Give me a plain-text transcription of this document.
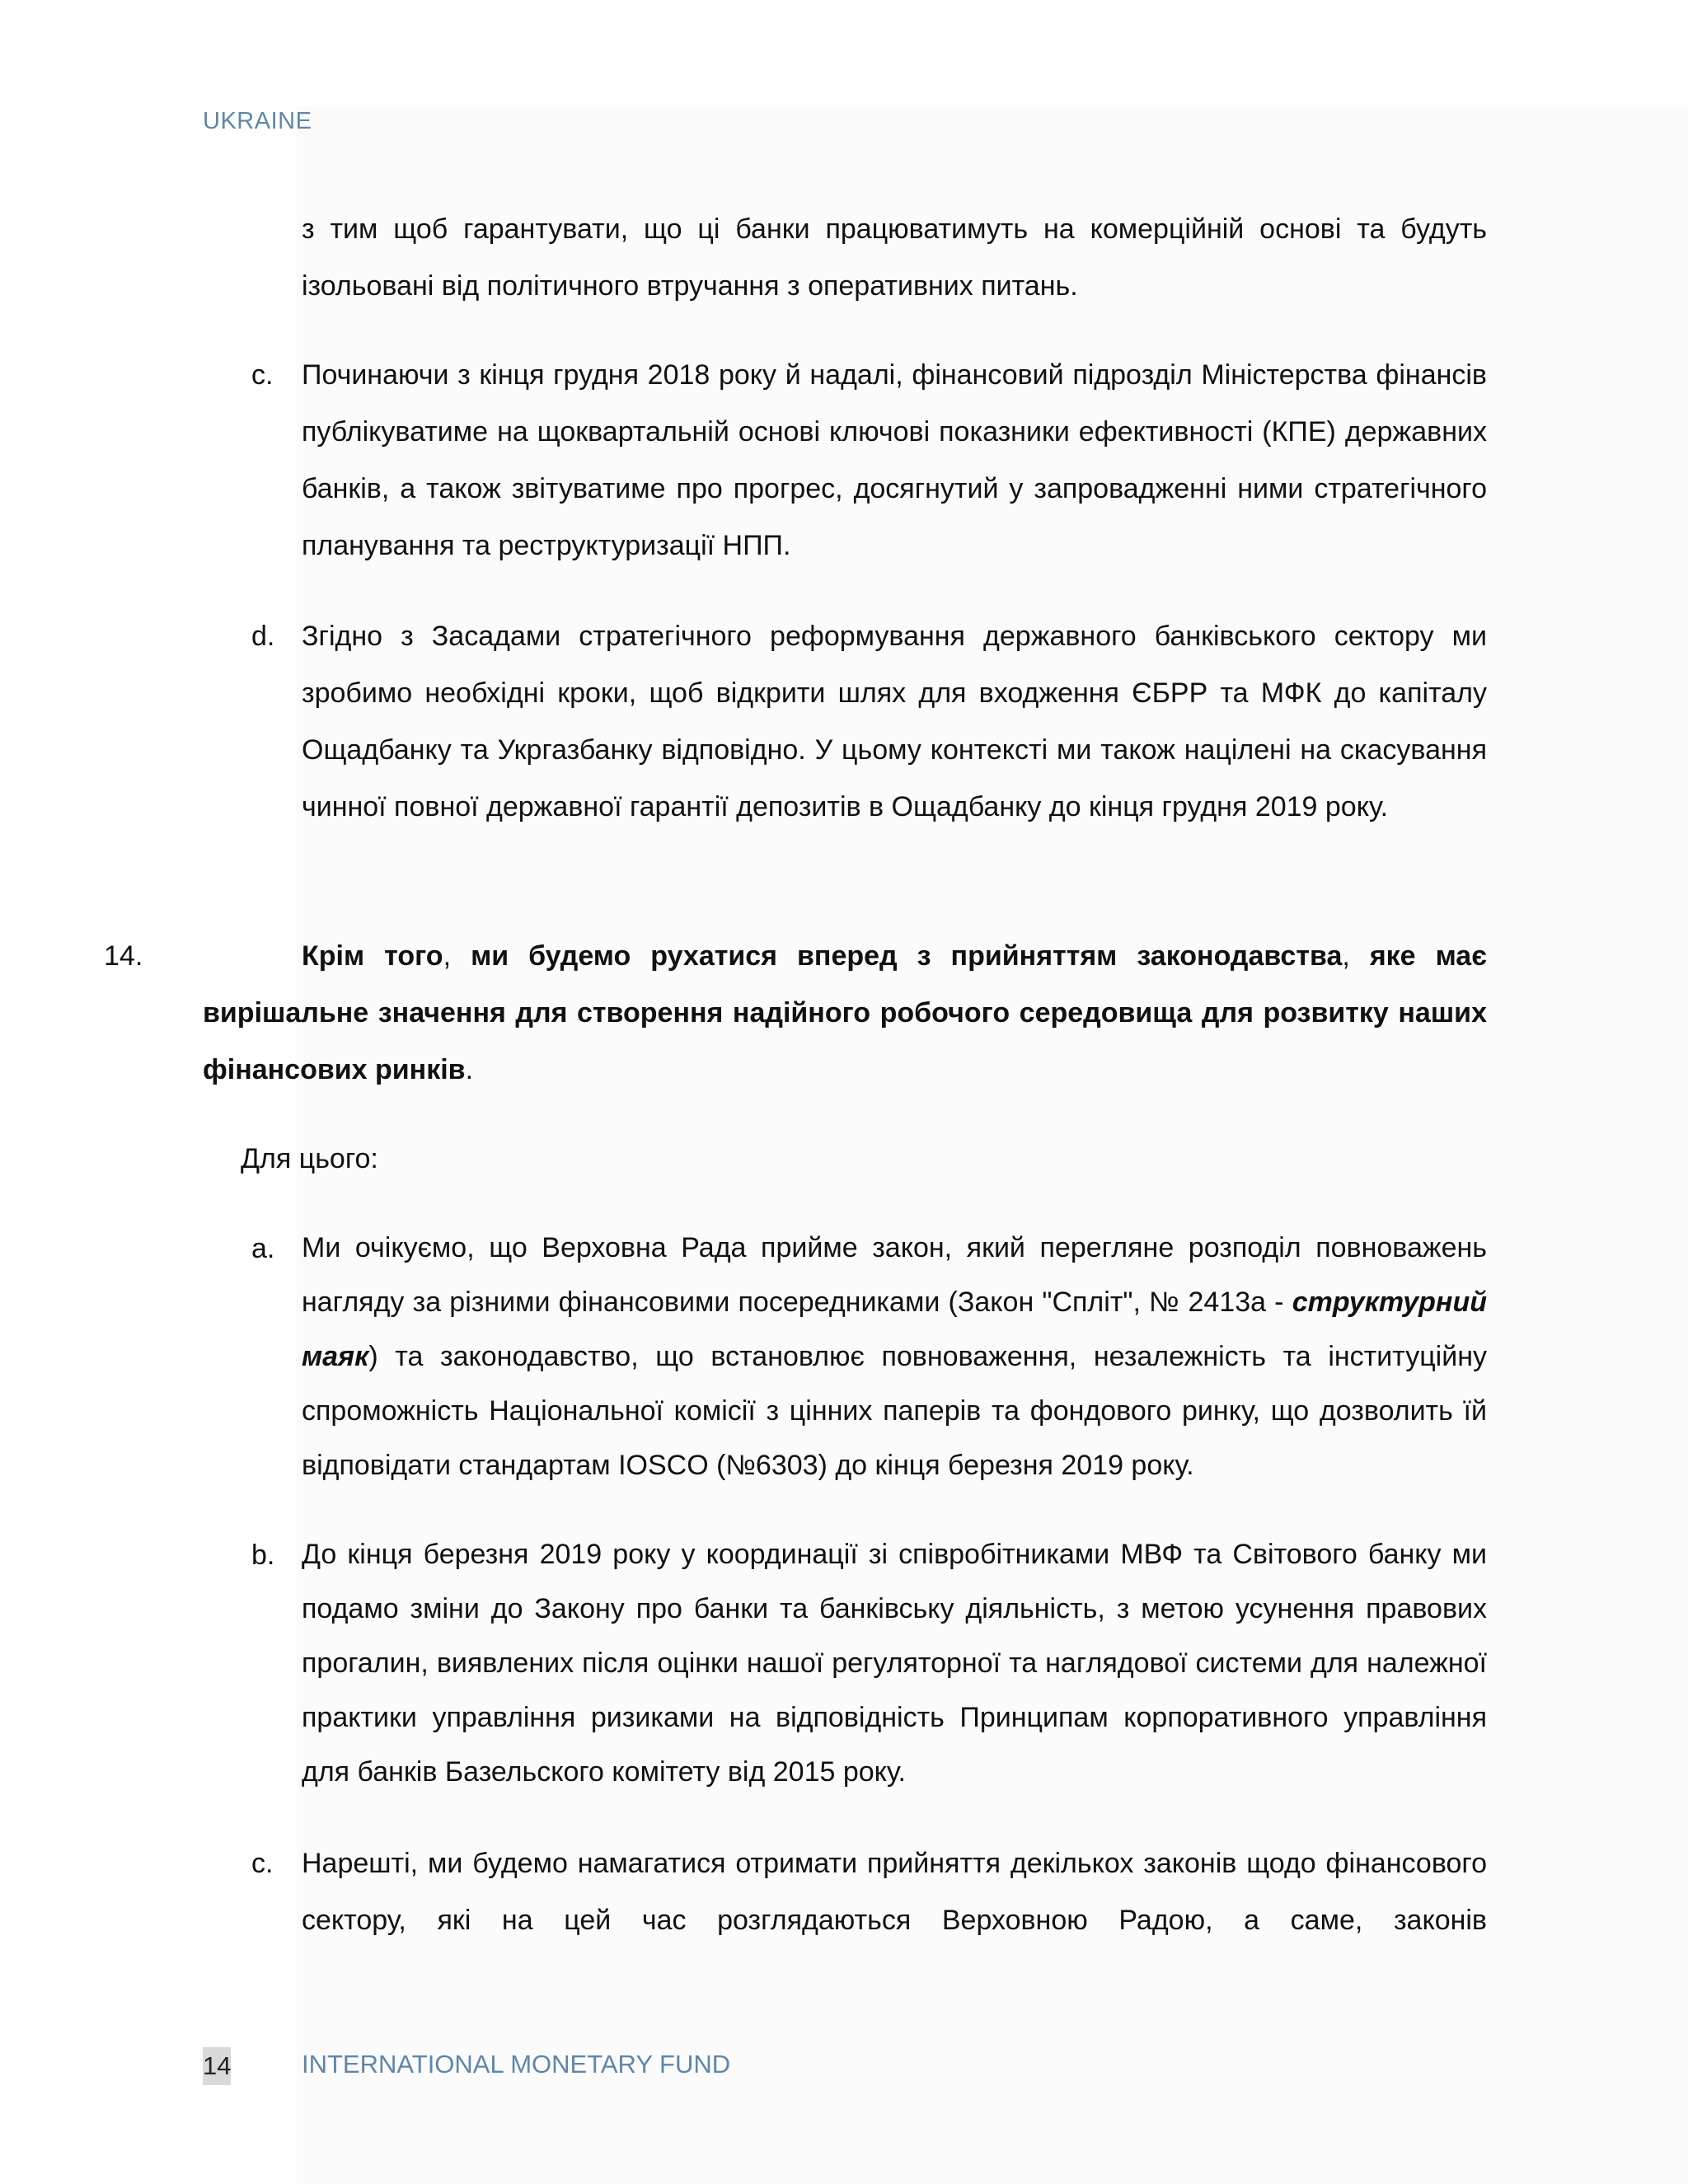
UKRAINE
з тим щоб гарантувати, що ці банки працюватимуть на комерційній основі та будуть ізольовані від політичного втручання з оперативних питань.
c. Починаючи з кінця грудня 2018 року й надалі, фінансовий підрозділ Міністерства фінансів публікуватиме на щоквартальній основі ключові показники ефективності (КПЕ) державних банків, а також звітуватиме про прогрес, досягнутий у запровадженні ними стратегічного планування та реструктуризації НПП.
d. Згідно з Засадами стратегічного реформування державного банківського сектору ми зробимо необхідні кроки, щоб відкрити шлях для входження ЄБРР та МФК до капіталу Ощадбанку та Укргазбанку відповідно. У цьому контексті ми також націлені на скасування чинної повної державної гарантії депозитів в Ощадбанку до кінця грудня 2019 року.
14.	Крім того, ми будемо рухатися вперед з прийняттям законодавства, яке має вирішальне значення для створення надійного робочого середовища для розвитку наших фінансових ринків.
Для цього:
a. Ми очікуємо, що Верховна Рада прийме закон, який перегляне розподіл повноважень нагляду за різними фінансовими посередниками (Закон "Спліт", № 2413а - структурний маяк) та законодавство, що встановлює повноваження, незалежність та інституційну спроможність Національної комісії з цінних паперів та фондового ринку, що дозволить їй відповідати стандартам IOSCO (№6303) до кінця березня 2019 року.
b. До кінця березня 2019 року у координації зі співробітниками МВФ та Світового банку ми подамо зміни до Закону про банки та банківську діяльність, з метою усунення правових прогалин, виявлених після оцінки нашої регуляторної та наглядової системи для належної практики управління ризиками на відповідність Принципам корпоративного управління для банків Базельского комітету від 2015 року.
c. Нарешті, ми будемо намагатися отримати прийняття декількох законів щодо фінансового сектору, які на цей час розглядаються Верховною Радою, а саме, законів
14	INTERNATIONAL MONETARY FUND
